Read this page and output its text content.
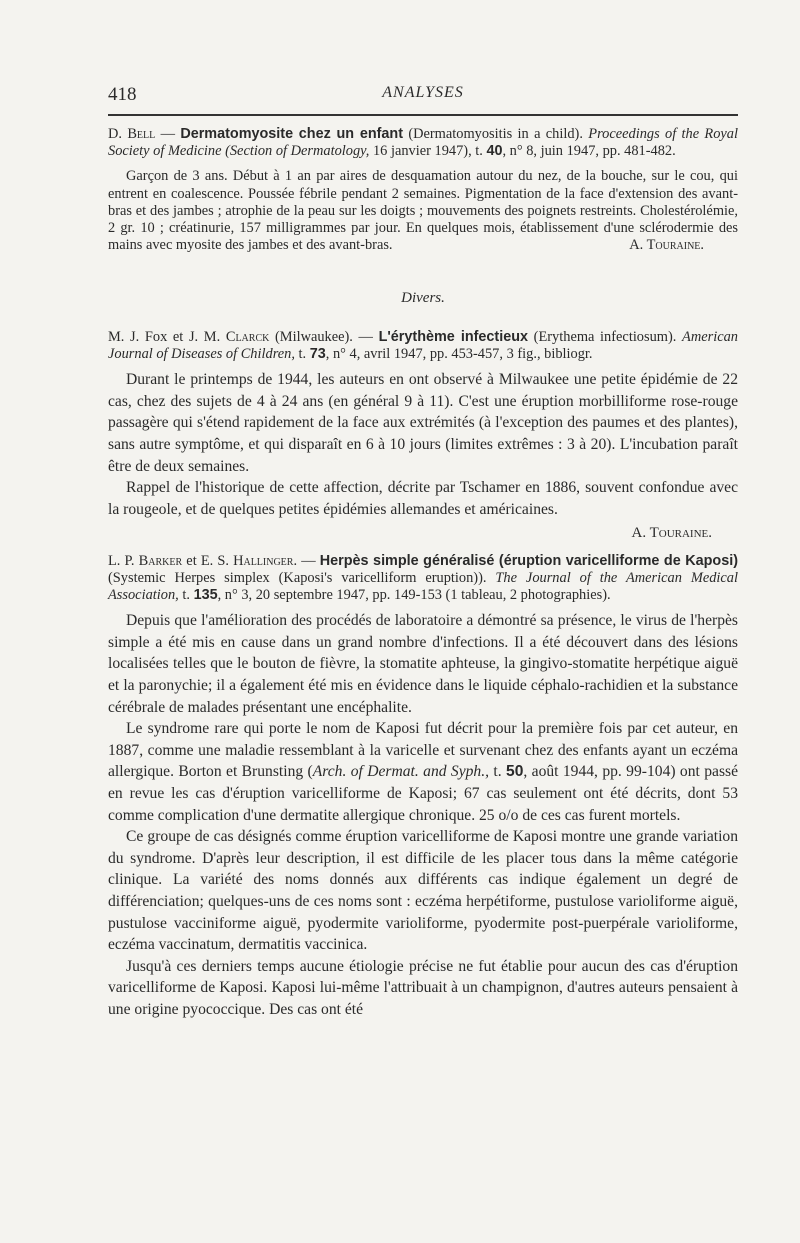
418	ANALYSES

D. Bell — Dermatomyosite chez un enfant (Dermatomyositis in a child). Proceedings of the Royal Society of Medicine (Section of Dermatology, 16 janvier 1947), t. 40, n° 8, juin 1947, pp. 481-482.

Garçon de 3 ans. Début à 1 an par aires de desquamation autour du nez, de la bouche, sur le cou, qui entrent en coalescence. Poussée fébrile pendant 2 semaines. Pigmentation de la face d'extension des avant-bras et des jambes ; atrophie de la peau sur les doigts ; mouvements des poignets restreints. Cholestérolémie, 2 gr. 10 ; créatinurie, 157 milligrammes par jour. En quelques mois, établissement d'une sclérodermie des mains avec myosite des jambes et des avant-bras.	A. Touraine.

Divers.

M. J. Fox et J. M. Clarck (Milwaukee). — L'érythème infectieux (Erythema infectiosum). American Journal of Diseases of Children, t. 73, n° 4, avril 1947, pp. 453-457, 3 fig., bibliogr.

Durant le printemps de 1944, les auteurs en ont observé à Milwaukee une petite épidémie de 22 cas, chez des sujets de 4 à 24 ans (en général 9 à 11). C'est une éruption morbilliforme rose-rouge passagère qui s'étend rapidement de la face aux extrémités (à l'exception des paumes et des plantes), sans autre symptôme, et qui disparaît en 6 à 10 jours (limites extrêmes : 3 à 20). L'incubation paraît être de deux semaines.

Rappel de l'historique de cette affection, décrite par Tschamer en 1886, souvent confondue avec la rougeole, et de quelques petites épidémies allemandes et américaines.

A. Touraine.

L. P. Barker et E. S. Hallinger. — Herpès simple généralisé (éruption varicelliforme de Kaposi) (Systemic Herpes simplex (Kaposi's varicelliform eruption)). The Journal of the American Medical Association, t. 135, n° 3, 20 septembre 1947, pp. 149-153 (1 tableau, 2 photographies).

Depuis que l'amélioration des procédés de laboratoire a démontré sa présence, le virus de l'herpès simple a été mis en cause dans un grand nombre d'infections. Il a été découvert dans des lésions localisées telles que le bouton de fièvre, la stomatite aphteuse, la gingivo-stomatite herpétique aiguë et la paronychie; il a également été mis en évidence dans le liquide céphalo-rachidien et la substance cérébrale de malades présentant une encéphalite.

Le syndrome rare qui porte le nom de Kaposi fut décrit pour la première fois par cet auteur, en 1887, comme une maladie ressemblant à la varicelle et survenant chez des enfants ayant un eczéma allergique. Borton et Brunsting (Arch. of Dermat. and Syph., t. 50, août 1944, pp. 99-104) ont passé en revue les cas d'éruption varicelliforme de Kaposi; 67 cas seulement ont été décrits, dont 53 comme complication d'une dermatite allergique chronique. 25 o/o de ces cas furent mortels.

Ce groupe de cas désignés comme éruption varicelliforme de Kaposi montre une grande variation du syndrome. D'après leur description, il est difficile de les placer tous dans la même catégorie clinique. La variété des noms donnés aux différents cas indique également un degré de différenciation; quelques-uns de ces noms sont : eczéma herpétiforme, pustulose varioliforme aiguë, pustulose vacciniforme aiguë, pyodermite varioliforme, pyodermite post-puerpérale varioliforme, eczéma vaccinatum, dermatitis vaccinica.

Jusqu'à ces derniers temps aucune étiologie précise ne fut établie pour aucun des cas d'éruption varicelliforme de Kaposi. Kaposi lui-même l'attribuait à un champignon, d'autres auteurs pensaient à une origine pyococcique. Des cas ont été
